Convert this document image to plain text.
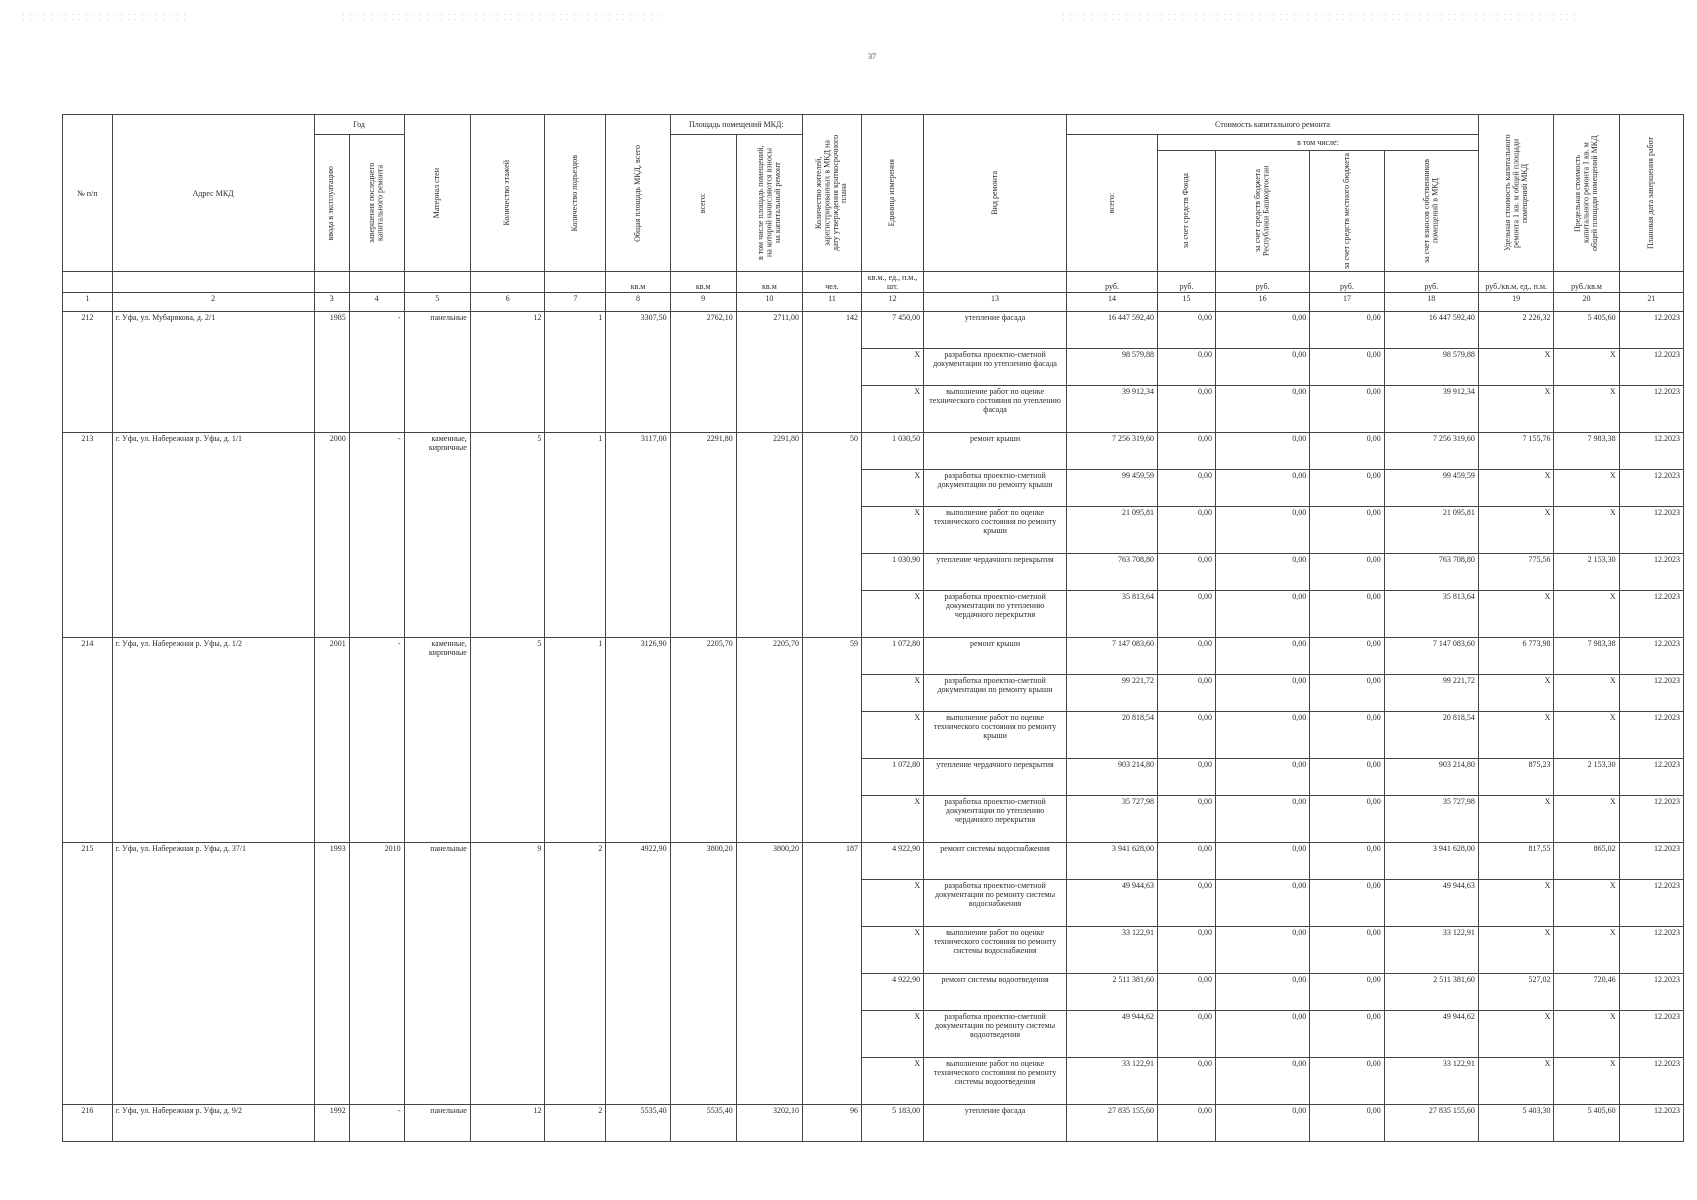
37
№ п/п	Адрес МКД	Год		Материал стен	Количество этажей	Количество подъездов	Общая площадь МКД, всего	Площадь помещений МКД:		Количество жителей, зарегистрированных в МКД на дату утверждения краткосрочного плана	Единица измерения	Вид ремонта	Стоимость капитального ремонта					Удельная стоимость капитального ремонта 1 кв. м общей площади помещений МКД	Предельная стоимость капитального ремонта 1 кв. м общей площади помещений МКД	Плановая дата завершения работ

		ввода в эксплуатацию	завершения последнего капитального ремонта					всего:	в том числе площадь помещений, на которой начисляются взносы на капитальный ремонт				всего:	в том числе:						

														за счет средств Фонда	за счет средств бюджета Республики Башкортостан	за счет средств местного бюджета	за счет взносов собственников помещений в МКД			

							кв.м	кв.м	кв.м	чел.	кв.м., ед., п.м., шт.		руб.	руб.	руб.	руб.	руб.	руб./кв.м, ед., п.м.	руб./кв.м	
1	2	3	4	5	6	7	8	9	10	11	12	13	14	15	16	17	18	19	20	21
212	г. Уфа, ул. Мубарякова, д. 2/1	1985	-	панельные	12	1	3307,50	2762,10	2711,00	142	7 450,00	утепление фасада	16 447 592,40	0,00	0,00	0,00	16 447 592,40	2 226,32	5 405,60	12.2023
											X	разработка проектно-сметной документации по утеплению фасада	98 579,88	0,00	0,00	0,00	98 579,88	X	X	12.2023
											X	выполнение работ по оценке технического состояния по утеплению фасада	39 912,34	0,00	0,00	0,00	39 912,34	X	X	12.2023
213	г. Уфа, ул. Набережная р. Уфы, д. 1/1	2000	-	каменные, кирпичные	5	1	3117,00	2291,80	2291,80	50	1 030,50	ремонт крыши	7 256 319,60	0,00	0,00	0,00	7 256 319,60	7 155,76	7 983,38	12.2023
											X	разработка проектно-сметной документации по ремонту крыши	99 459,59	0,00	0,00	0,00	99 459,59	X	X	12.2023
											X	выполнение работ по оценке технического состояния по ремонту крыши	21 095,81	0,00	0,00	0,00	21 095,81	X	X	12.2023
											1 030,90	утепление чердачного перекрытия	763 708,80	0,00	0,00	0,00	763 708,80	775,56	2 153,30	12.2023
											X	разработка проектно-сметной документации по утеплению чердачного перекрытия	35 813,64	0,00	0,00	0,00	35 813,64	X	X	12.2023
214	г. Уфа, ул. Набережная р. Уфы, д. 1/2	2001	-	каменные, кирпичные	5	1	3126,90	2205,70	2205,70	59	1 072,80	ремонт крыши	7 147 083,60	0,00	0,00	0,00	7 147 083,60	6 773,98	7 983,38	12.2023
											X	разработка проектно-сметной документации по ремонту крыши	99 221,72	0,00	0,00	0,00	99 221,72	X	X	12.2023
											X	выполнение работ по оценке технического состояния по ремонту крыши	20 818,54	0,00	0,00	0,00	20 818,54	X	X	12.2023
											1 072,80	утепление чердачного перекрытия	903 214,80	0,00	0,00	0,00	903 214,80	875,23	2 153,30	12.2023
											X	разработка проектно-сметной документации по утеплению чердачного перекрытия	35 727,98	0,00	0,00	0,00	35 727,98	X	X	12.2023
215	г. Уфа, ул. Набережная р. Уфы, д. 37/1	1993	2010	панельные	9	2	4922,90	3800,20	3800,20	187	4 922,90	ремонт системы водоснабжения	3 941 628,00	0,00	0,00	0,00	3 941 628,00	817,55	865,02	12.2023
											X	разработка проектно-сметной документации по ремонту системы водоснабжения	49 944,63	0,00	0,00	0,00	49 944,63	X	X	12.2023
											X	выполнение работ по оценке технического состояния по ремонту системы водоснабжения	33 122,91	0,00	0,00	0,00	33 122,91	X	X	12.2023
											4 922,90	ремонт системы водоотведения	2 511 381,60	0,00	0,00	0,00	2 511 381,60	527,02	720,46	12.2023
											X	разработка проектно-сметной документации по ремонту системы водоотведения	49 944,62	0,00	0,00	0,00	49 944,62	X	X	12.2023
											X	выполнение работ по оценке технического состояния по ремонту системы водоотведения	33 122,91	0,00	0,00	0,00	33 122,91	X	X	12.2023
216	г. Уфа, ул. Набережная р. Уфы, д. 9/2	1992	-	панельные	12	2	5535,40	5535,40	3202,10	96	5 183,00	утепление фасада	27 835 155,60	0,00	0,00	0,00	27 835 155,60	5 403,30	5 405,60	12.2023
